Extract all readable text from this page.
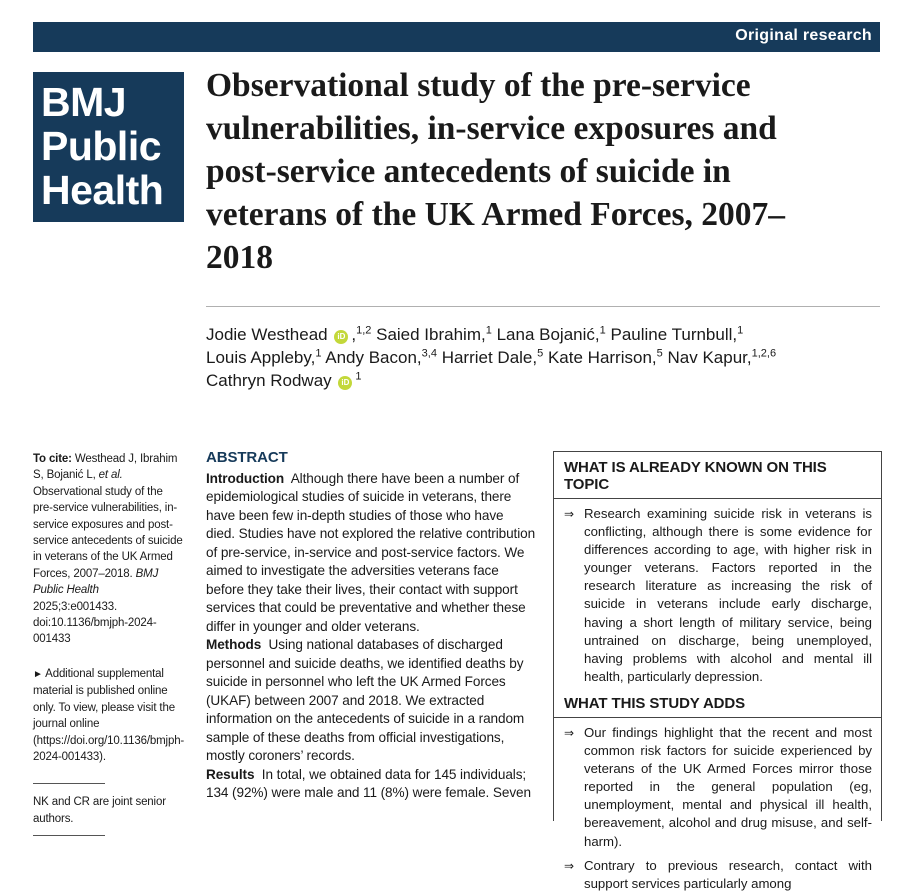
Original research
BMJ
Public
Health
Observational study of the pre-service
vulnerabilities, in-service exposures and
post-service antecedents of suicide in
veterans of the UK Armed Forces, 2007–
2018
Jodie Westhead iD ,$^{1,2}$ Saied Ibrahim,$^1$ Lana Bojanić,$^1$ Pauline Turnbull,$^1$
Louis Appleby,$^1$ Andy Bacon,$^{3,4}$ Harriet Dale,$^5$ Kate Harrison,$^5$ Nav Kapur,$^{1,2,6}$
Cathryn Rodway $iD^1$
To cite: Westhead J, Ibrahim S, Bojanić L, et al. Observational study of the pre-service vulnerabilities, in-service exposures and post-service antecedents of suicide in veterans of the UK Armed Forces, 2007–2018. BMJ Public Health 2025;3:e001433. doi:10.1136/bmjph-2024-001433
► Additional supplemental material is published online only. To view, please visit the journal online (https://doi.org/10.1136/bmjph-2024-001433).
NK and CR are joint senior authors.
ABSTRACT

Introduction Although there have been a number of epidemiological studies of suicide in veterans, there have been few in-depth studies of those who have died. Studies have not explored the relative contribution of pre-service, in-service and post-service factors. We aimed to investigate the adversities veterans face before they take their lives, their contact with support services that could be preventative and whether these differ in younger and older veterans.

Methods Using national databases of discharged personnel and suicide deaths, we identified deaths by suicide in personnel who left the UK Armed Forces (UKAF) between 2007 and 2018. We extracted information on the antecedents of suicide in a random sample of these deaths from official investigations, mostly coroners’ records.

Results In total, we obtained data for 145 individuals; 134 (92%) were male and 11 (8%) were female. Seven

WHAT IS ALREADY KNOWN ON THIS TOPIC
⇒ Research examining suicide risk in veterans is conflicting, although there is some evidence for differences according to age, with higher risk in younger veterans. Factors reported in the research literature as increasing the risk of suicide in veterans include early discharge, having a short length of military service, being untrained on discharge, being unemployed, having problems with alcohol and mental ill health, particularly depression.
WHAT THIS STUDY ADDS
⇒ Our findings highlight that the recent and most common risk factors for suicide experienced by veterans of the UK Armed Forces mirror those reported in the general population (eg, unemployment, mental and physical ill health, bereavement, alcohol and drug misuse, and self-harm).
⇒ Contrary to previous research, contact with support services particularly among
